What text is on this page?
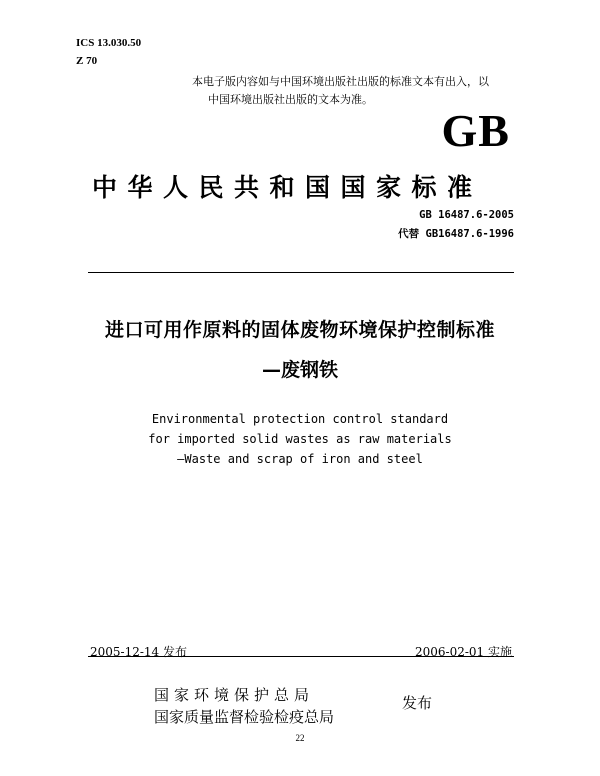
ICS 13.030.50
Z 70
本电子版内容如与中国环境出版社出版的标准文本有出入，以
中国环境出版社出版的文本为准。
GB
中华人民共和国国家标准
GB 16487.6-2005
代替 GB16487.6-1996
进口可用作原料的固体废物环境保护控制标准
—废钢铁
Environmental protection control standard
for imported solid wastes as raw materials
—Waste and scrap of iron and steel
2005-12-14 发布	2006-02-01 实施
国家环境保护总局
国家质量监督检验检疫总局
发布
22
